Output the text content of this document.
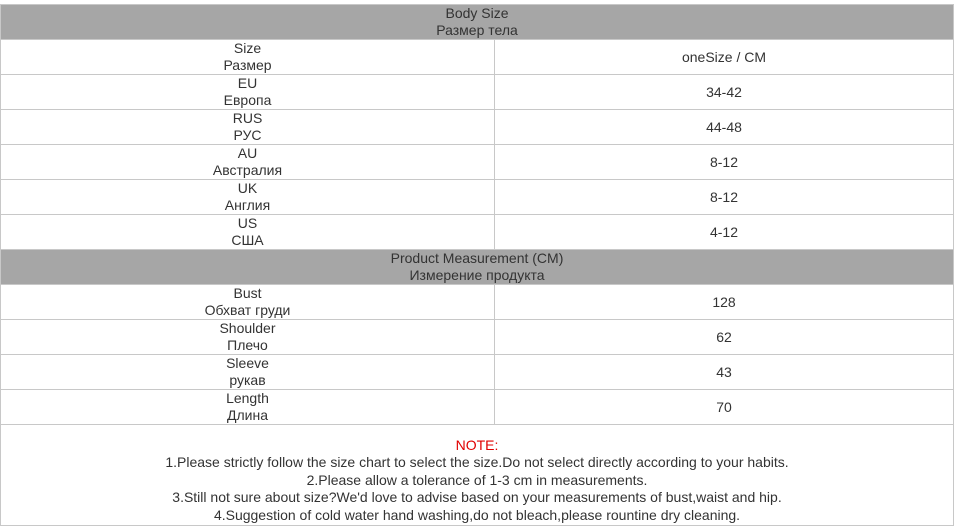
Body Size
Размер тела	

Size
Размер	oneSize / CM

EU
Европа	34-42

RUS
РУС	44-48

AU
Австралия	8-12

UK
Англия	8-12

US
США	4-12

Product Measurement (CM)
Измерение продукта	

Bust
Обхват груди	128

Shoulder
Плечо	62

Sleeve
рукав	43

Length
Длина	70

NOTE:
1.Please strictly follow the size chart to select the size.Do not select directly according to your habits.
2.Please allow a tolerance of 1-3 cm in measurements.
3.Still not sure about size?We'd love to advise based on your measurements of bust,waist and hip.
4.Suggestion of cold water hand washing,do not bleach,please rountine dry cleaning.	
